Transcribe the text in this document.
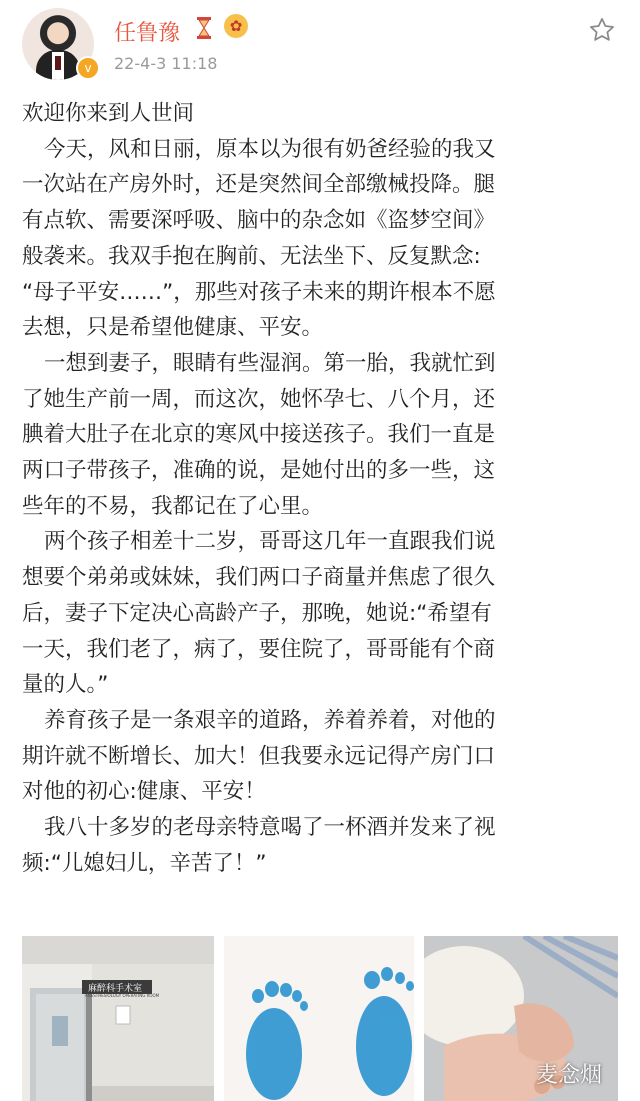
v
任鲁豫	✿
22-4-3 11:18

欢迎你来到人世间

今天，风和日丽，原本以为很有奶爸经验的我又

一次站在产房外时，还是突然间全部缴械投降。腿

有点软、需要深呼吸、脑中的杂念如《盗梦空间》

般袭来。我双手抱在胸前、无法坐下、反复默念:

“母子平安……”，那些对孩子未来的期许根本不愿

去想，只是希望他健康、平安。

一想到妻子，眼睛有些湿润。第一胎，我就忙到

了她生产前一周，而这次，她怀孕七、八个月，还

腆着大肚子在北京的寒风中接送孩子。我们一直是

两口子带孩子，准确的说，是她付出的多一些，这

些年的不易，我都记在了心里。

两个孩子相差十二岁，哥哥这几年一直跟我们说

想要个弟弟或妹妹，我们两口子商量并焦虑了很久

后，妻子下定决心高龄产子，那晚，她说:“希望有

一天，我们老了，病了，要住院了，哥哥能有个商

量的人。”

养育孩子是一条艰辛的道路，养着养着，对他的

期许就不断增长、加大！但我要永远记得产房门口

对他的初心:健康、平安！

我八十多岁的老母亲特意喝了一杯酒并发来了视

频:“儿媳妇儿，辛苦了！”

麻醉科手术室
ANESTHESIOLOGY OPERATING ROOM
麦念烟
